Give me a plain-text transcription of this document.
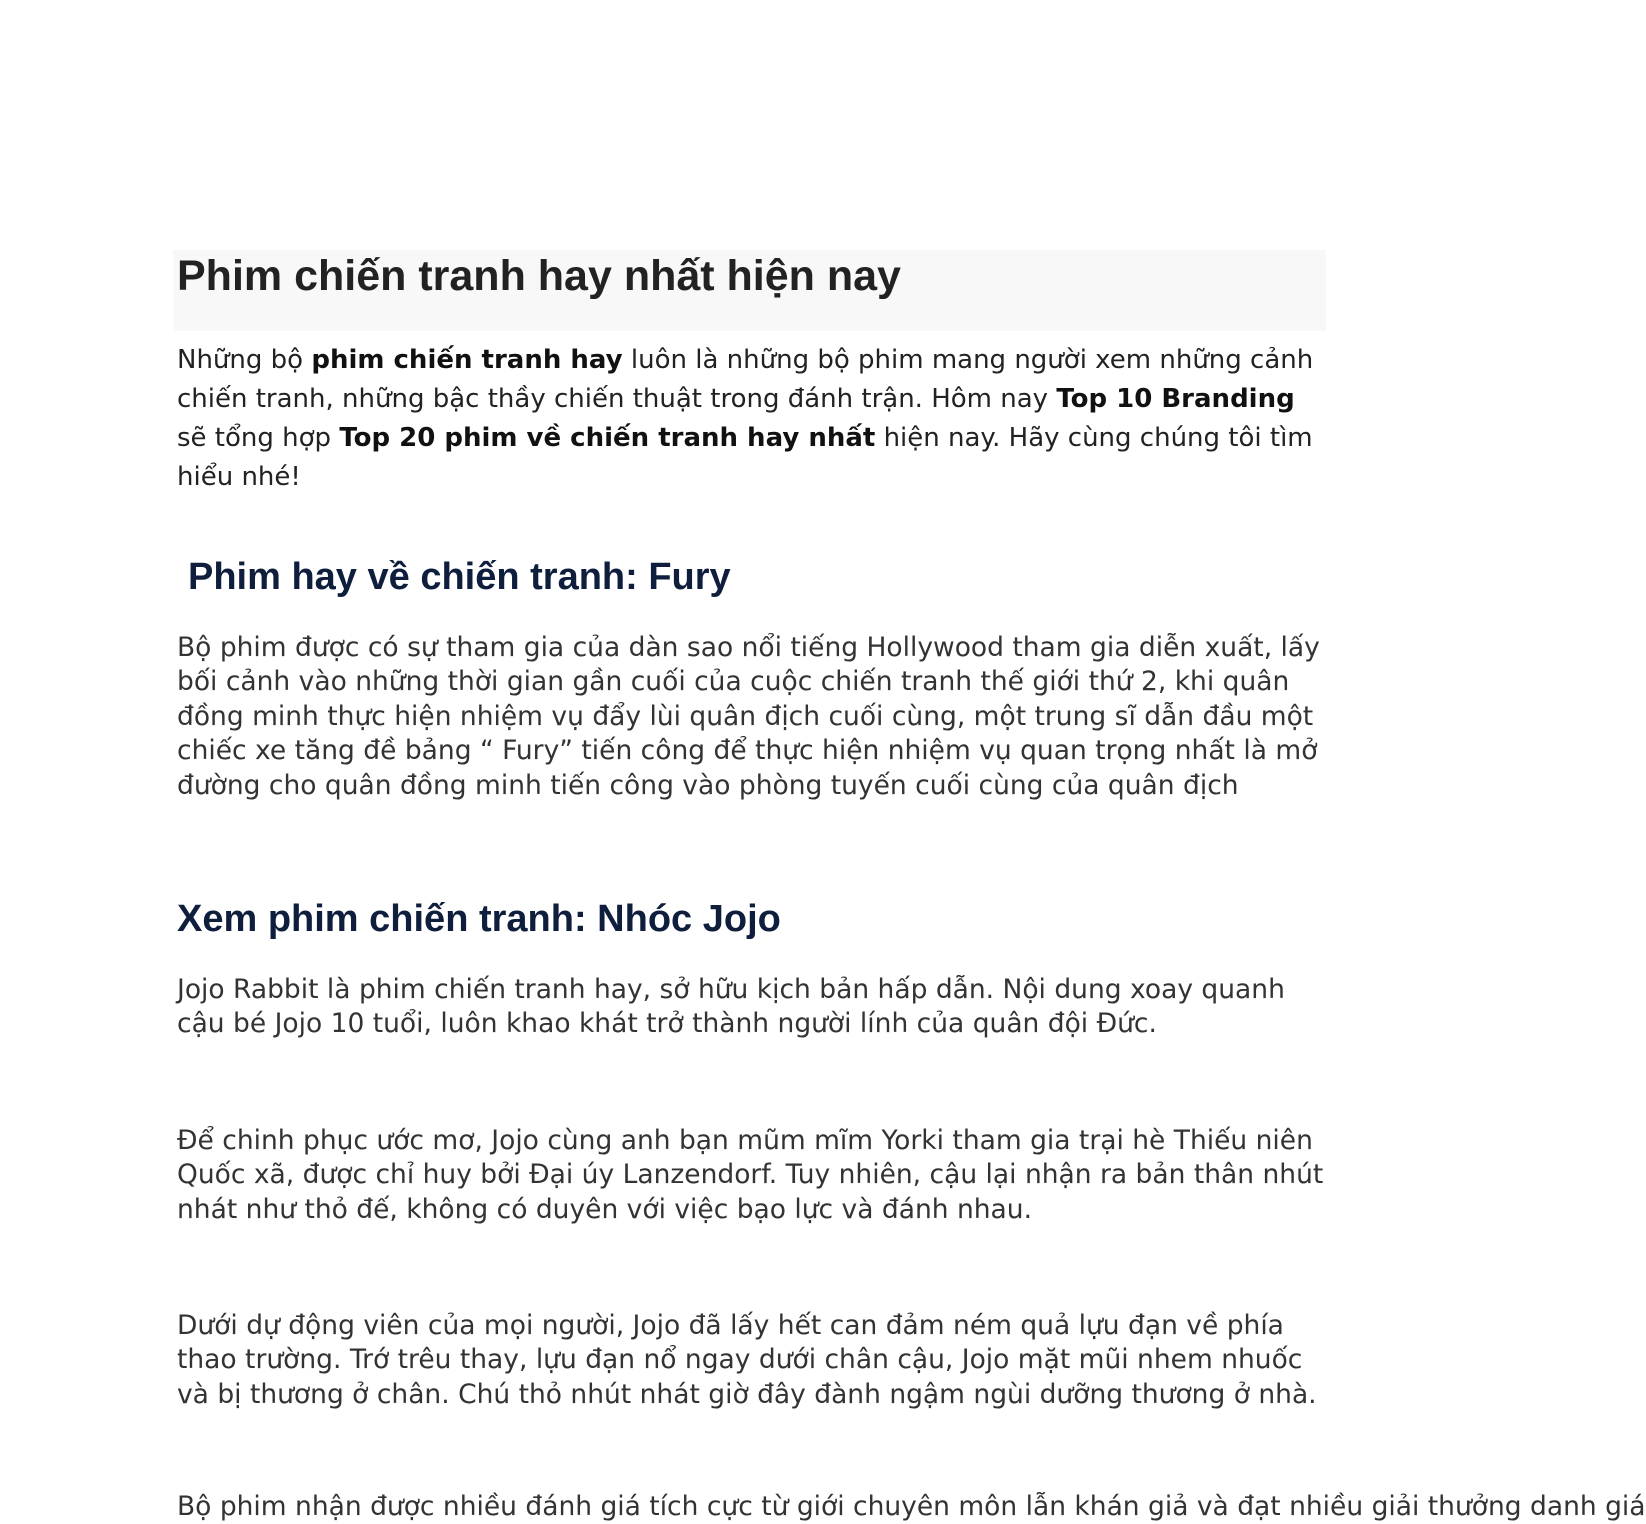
Phim chiến tranh hay nhất hiện nay

Những bộ phim chiến tranh hay luôn là những bộ phim mang người xem những cảnh chiến tranh, những bậc thầy chiến thuật trong đánh trận. Hôm nay Top 10 Branding sẽ tổng hợp Top 20 phim về chiến tranh hay nhất hiện nay. Hãy cùng chúng tôi tìm hiểu nhé!

Phim hay về chiến tranh: Fury

Bộ phim được có sự tham gia của dàn sao nổi tiếng Hollywood tham gia diễn xuất, lấy bối cảnh vào những thời gian gần cuối của cuộc chiến tranh thế giới thứ 2, khi quân đồng minh thực hiện nhiệm vụ đẩy lùi quân địch cuối cùng, một trung sĩ dẫn đầu một chiếc xe tăng đề bảng “ Fury” tiến công để thực hiện nhiệm vụ quan trọng nhất là mở đường cho quân đồng minh tiến công vào phòng tuyến cuối cùng của quân địch

Xem phim chiến tranh: Nhóc Jojo

Jojo Rabbit là phim chiến tranh hay, sở hữu kịch bản hấp dẫn. Nội dung xoay quanh cậu bé Jojo 10 tuổi, luôn khao khát trở thành người lính của quân đội Đức.

Để chinh phục ước mơ, Jojo cùng anh bạn mũm mĩm Yorki tham gia trại hè Thiếu niên Quốc xã, được chỉ huy bởi Đại úy Lanzendorf. Tuy nhiên, cậu lại nhận ra bản thân nhút nhát như thỏ đế, không có duyên với việc bạo lực và đánh nhau.

Dưới dự động viên của mọi người, Jojo đã lấy hết can đảm ném quả lựu đạn về phía thao trường. Trớ trêu thay, lựu đạn nổ ngay dưới chân cậu, Jojo mặt mũi nhem nhuốc và bị thương ở chân. Chú thỏ nhút nhát giờ đây đành ngậm ngùi dưỡng thương ở nhà.

Bộ phim nhận được nhiều đánh giá tích cực từ giới chuyên môn lẫn khán giả và đạt nhiều giải thưởng danh giá
